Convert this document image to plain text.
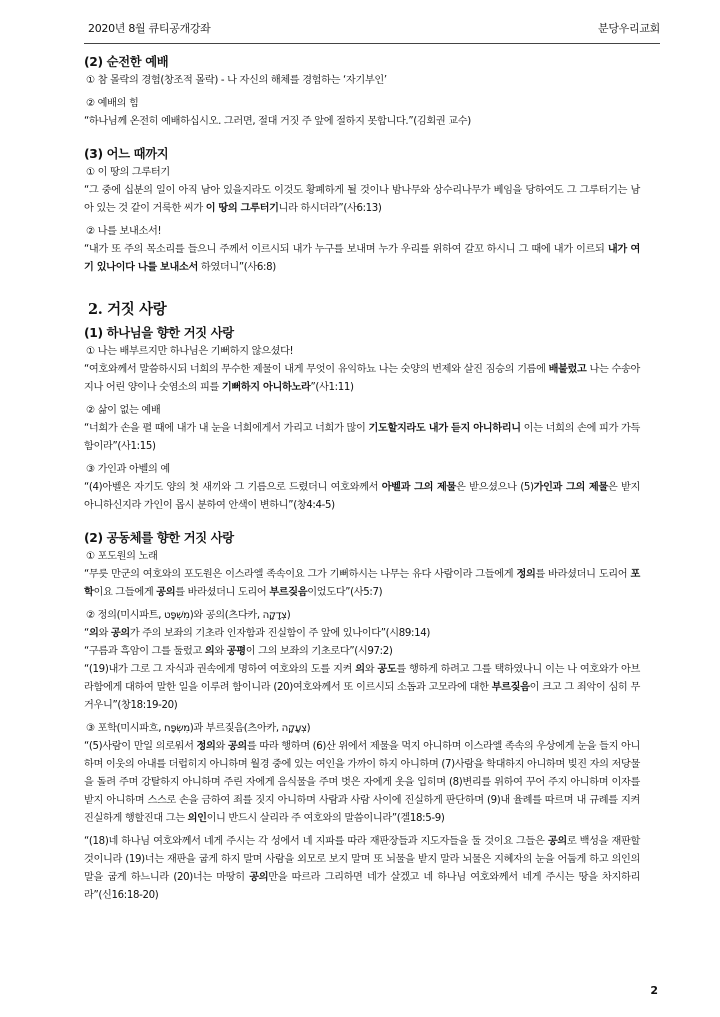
2020년 8월 큐티공개강좌	분당우리교회

(2) 순전한 예배

① 참 몰락의 경험(창조적 몰락) - 나 자신의 해체를 경험하는 ‘자기부인’

② 예배의 힘

“하나님께 온전히 예배하십시오. 그러면, 절대 거짓 주 앞에 절하지 못합니다.”(김회권 교수)

(3) 어느 때까지

① 이 땅의 그루터기

“그 중에 십분의 일이 아직 남아 있을지라도 이것도 황폐하게 될 것이나 밤나무와 상수리나무가 베임을 당하여도 그 그루터기는 남아 있는 것 같이 거룩한 씨가 이 땅의 그루터기니라 하시더라”(사6:13)

② 나를 보내소서!

“내가 또 주의 목소리를 들으니 주께서 이르시되 내가 누구를 보내며 누가 우리를 위하여 갈꼬 하시니 그 때에 내가 이르되 내가 여기 있나이다 나를 보내소서 하였더니”(사6:8)

2. 거짓 사랑

(1) 하나님을 향한 거짓 사랑

① 나는 배부르지만 하나님은 기뻐하지 않으셨다!

“여호와께서 말씀하시되 너희의 무수한 제물이 내게 무엇이 유익하뇨 나는 숫양의 번제와 살진 짐승의 기름에 배불렀고 나는 수송아지나 어린 양이나 숫염소의 피를 기뻐하지 아니하노라”(사1:11)

② 삶이 없는 예배

“너희가 손을 펼 때에 내가 내 눈을 너희에게서 가리고 너희가 많이 기도할지라도 내가 듣지 아니하리니 이는 너희의 손에 피가 가득함이라”(사1:15)

③ 가인과 아벨의 예

“(4)아벨은 자기도 양의 첫 새끼와 그 기름으로 드렸더니 여호와께서 아벨과 그의 제물은 받으셨으나 (5)가인과 그의 제물은 받지 아니하신지라 가인이 몹시 분하여 안색이 변하니”(창4:4-5)

(2) 공동체를 향한 거짓 사랑

① 포도원의 노래

“무릇 만군의 여호와의 포도원은 이스라엘 족속이요 그가 기뻐하시는 나무는 유다 사람이라 그들에게 정의를 바라셨더니 도리어 포학이요 그들에게 공의를 바라셨더니 도리어 부르짖음이었도다”(사5:7)

② 정의(미시파트, מִשְׁפָּט)와 공의(츠다카, צְדָקָה)

“의와 공의가 주의 보좌의 기초라 인자함과 진실함이 주 앞에 있나이다”(시89:14)

“구름과 흑암이 그를 둘렀고 의와 공평이 그의 보좌의 기초로다”(시97:2)

“(19)내가 그로 그 자식과 권속에게 명하여 여호와의 도를 지켜 의와 공도를 행하게 하려고 그를 택하였나니 이는 나 여호와가 아브라함에게 대하여 말한 일을 이루려 함이니라 (20)여호와께서 또 이르시되 소돔과 고모라에 대한 부르짖음이 크고 그 죄악이 심히 무거우니”(창18:19-20)

③ 포학(미시파흐, מִשְׂפָּח)과 부르짖음(츠아카, צְעָקָה)

“(5)사람이 만일 의로워서 정의와 공의를 따라 행하며 (6)산 위에서 제물을 먹지 아니하며 이스라엘 족속의 우상에게 눈을 들지 아니하며 이웃의 아내를 더럽히지 아니하며 월경 중에 있는 여인을 가까이 하지 아니하며 (7)사람을 학대하지 아니하며 빚진 자의 저당물을 돌려 주며 강탈하지 아니하며 주린 자에게 음식물을 주며 벗은 자에게 옷을 입히며 (8)변리를 위하여 꾸어 주지 아니하며 이자를 받지 아니하며 스스로 손을 금하여 죄를 짓지 아니하며 사람과 사람 사이에 진실하게 판단하며 (9)내 율례를 따르며 내 규례를 지켜 진실하게 행할진대 그는 의인이니 반드시 살리라 주 여호와의 말씀이니라”(겔18:5-9)

“(18)네 하나님 여호와께서 네게 주시는 각 성에서 네 지파를 따라 재판장들과 지도자들을 둘 것이요 그들은 공의로 백성을 재판할 것이니라 (19)너는 재판을 굽게 하지 말며 사람을 외모로 보지 말며 또 뇌물을 받지 말라 뇌물은 지혜자의 눈을 어둡게 하고 의인의 말을 굽게 하느니라 (20)너는 마땅히 공의만을 따르라 그리하면 네가 살겠고 네 하나님 여호와께서 네게 주시는 땅을 차지하리라”(신16:18-20)

2
